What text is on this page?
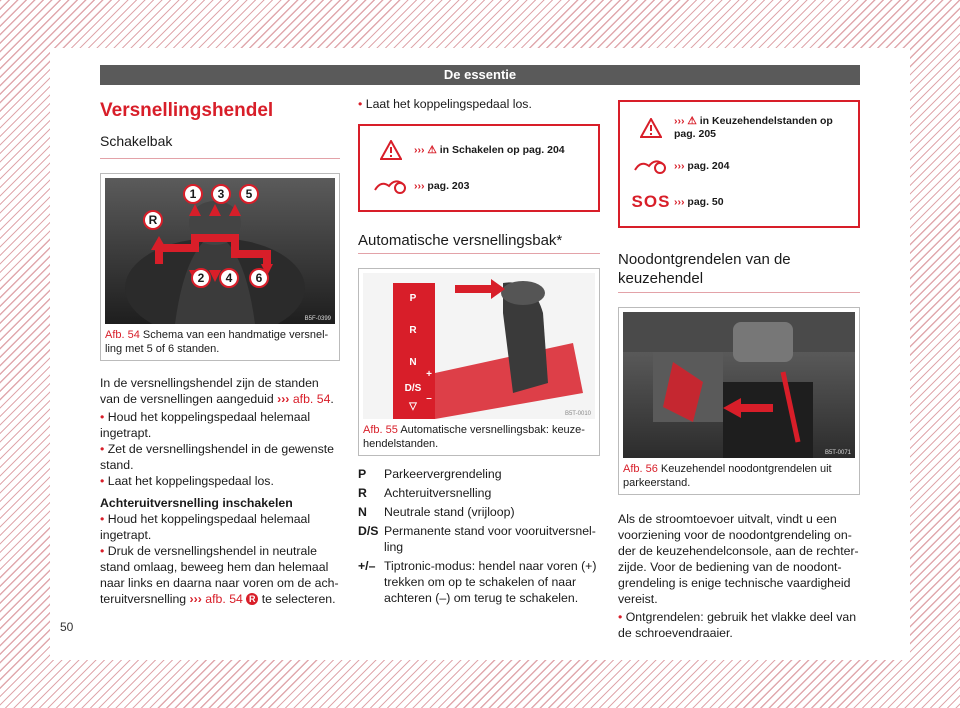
De essentie
Versnellingshendel
Schakelbak
1 3 5
R
2 4 6
B5F-0399
Afb. 54 Schema van een handmatige versnelling met 5 of 6 standen.

In de versnellingshendel zijn de standen van de versnellingen aangeduid ››› afb. 54.

• Houd het koppelingspedaal helemaal ingetrapt.

• Zet de versnellingshendel in de gewenste stand.

• Laat het koppelingspedaal los.

Achteruitversnelling inschakelen

• Houd het koppelingspedaal helemaal ingetrapt.

• Druk de versnellingshendel in neutrale stand omlaag, beweeg hem dan helemaal naar links en daarna naar voren om de achteruitversnelling ››› afb. 54 R te selecteren.

• Laat het koppelingspedaal los.

››› ⚠ in Schakelen op pag. 204
››› pag. 203
Automatische versnellingsbak*
P
R
N
D/S
▽
+
–
B5T-0010
Afb. 55 Automatische versnellingsbak: keuzehendelstanden.
P	Parkeervergrendeling
R	Achteruitversnelling
N	Neutrale stand (vrijloop)
D/S Permanente stand voor vooruitversnelling
+/– Tiptronic-modus: hendel naar voren (+) trekken om op te schakelen of naar achteren (–) om terug te schakelen.
››› ⚠ in Keuzehendelstanden op pag. 205
››› pag. 204
SOS ››› pag. 50
Noodontgrendelen van de keuzehendel
B5T-0071
Afb. 56 Keuzehendel noodontgrendelen uit parkeerstand.

Als de stroomtoevoer uitvalt, vindt u een voorziening voor de noodontgrendeling onder de keuzehendelconsole, aan de rechterzijde. Voor de bediening van de noodontgrendeling is enige technische vaardigheid vereist.

• Ontgrendelen: gebruik het vlakke deel van de schroevendraaier.

50
